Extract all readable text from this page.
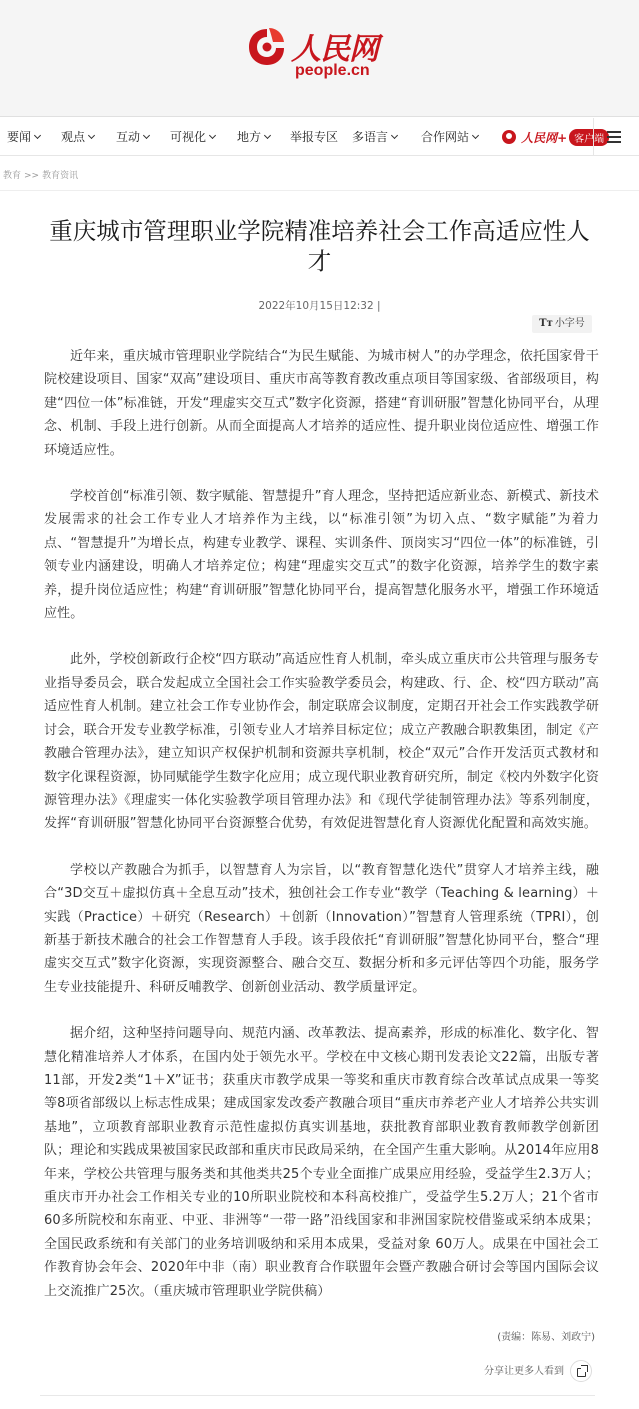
人民网
people.cn
要闻	观点	互动	可视化	地方	举报专区 多语言	合作网站	人民网+ 客户端
教育 >> 教育资讯
重庆城市管理职业学院精准培养社会工作高适应性人才
2022年10月15日12:32 |
Tт 小字号

近年来，重庆城市管理职业学院结合“为民生赋能、为城市树人”的办学理念，依托国家骨干院校建设项目、国家“双高”建设项目、重庆市高等教育教改重点项目等国家级、省部级项目，构建“四位一体”标准链，开发“理虚实交互式”数字化资源，搭建“育训研服”智慧化协同平台，从理念、机制、手段上进行创新。从而全面提高人才培养的适应性、提升职业岗位适应性、增强工作环境适应性。

学校首创“标准引领、数字赋能、智慧提升”育人理念，坚持把适应新业态、新模式、新技术发展需求的社会工作专业人才培养作为主线，以“标准引领”为切入点、“数字赋能”为着力点、“智慧提升”为增长点，构建专业教学、课程、实训条件、顶岗实习“四位一体”的标准链，引领专业内涵建设，明确人才培养定位；构建“理虚实交互式”的数字化资源，培养学生的数字素养，提升岗位适应性；构建“育训研服”智慧化协同平台，提高智慧化服务水平，增强工作环境适应性。

此外，学校创新政行企校“四方联动”高适应性育人机制，牵头成立重庆市公共管理与服务专业指导委员会，联合发起成立全国社会工作实验教学委员会，构建政、行、企、校“四方联动”高适应性育人机制。建立社会工作专业协作会，制定联席会议制度，定期召开社会工作实践教学研讨会，联合开发专业教学标准，引领专业人才培养目标定位；成立产教融合职教集团，制定《产教融合管理办法》，建立知识产权保护机制和资源共享机制，校企“双元”合作开发活页式教材和数字化课程资源，协同赋能学生数字化应用；成立现代职业教育研究所，制定《校内外数字化资源管理办法》《理虚实一体化实验教学项目管理办法》和《现代学徒制管理办法》等系列制度，发挥“育训研服”智慧化协同平台资源整合优势，有效促进智慧化育人资源优化配置和高效实施。

学校以产教融合为抓手，以智慧育人为宗旨，以“教育智慧化迭代”贯穿人才培养主线，融合“3D交互＋虚拟仿真＋全息互动”技术，独创社会工作专业“教学（Teaching & learning）＋实践（Practice）＋研究（Research）＋创新（Innovation）”智慧育人管理系统（TPRI），创新基于新技术融合的社会工作智慧育人手段。该手段依托“育训研服”智慧化协同平台，整合“理虚实交互式”数字化资源，实现资源整合、融合交互、数据分析和多元评估等四个功能，服务学生专业技能提升、科研反哺教学、创新创业活动、教学质量评定。

据介绍，这种坚持问题导向、规范内涵、改革教法、提高素养，形成的标准化、数字化、智慧化精准培养人才体系，在国内处于领先水平。学校在中文核心期刊发表论文22篇，出版专著11部，开发2类“1＋X”证书；获重庆市教学成果一等奖和重庆市教育综合改革试点成果一等奖等8项省部级以上标志性成果；建成国家发改委产教融合项目“重庆市养老产业人才培养公共实训基地”，立项教育部职业教育示范性虚拟仿真实训基地，获批教育部职业教育教师教学创新团队；理论和实践成果被国家民政部和重庆市民政局采纳，在全国产生重大影响。从2014年应用8年来，学校公共管理与服务类和其他类共25个专业全面推广成果应用经验，受益学生2.3万人；重庆市开办社会工作相关专业的10所职业院校和本科高校推广，受益学生5.2万人；21个省市60多所院校和东南亚、中亚、非洲等“一带一路”沿线国家和非洲国家院校借鉴或采纳本成果；全国民政系统和有关部门的业务培训吸纳和采用本成果，受益对象 60万人。成果在中国社会工作教育协会年会、2020年中非（南）职业教育合作联盟年会暨产教融合研讨会等国内国际会议上交流推广25次。（重庆城市管理职业学院供稿）

(责编：陈易、刘政宁)
分享让更多人看到
